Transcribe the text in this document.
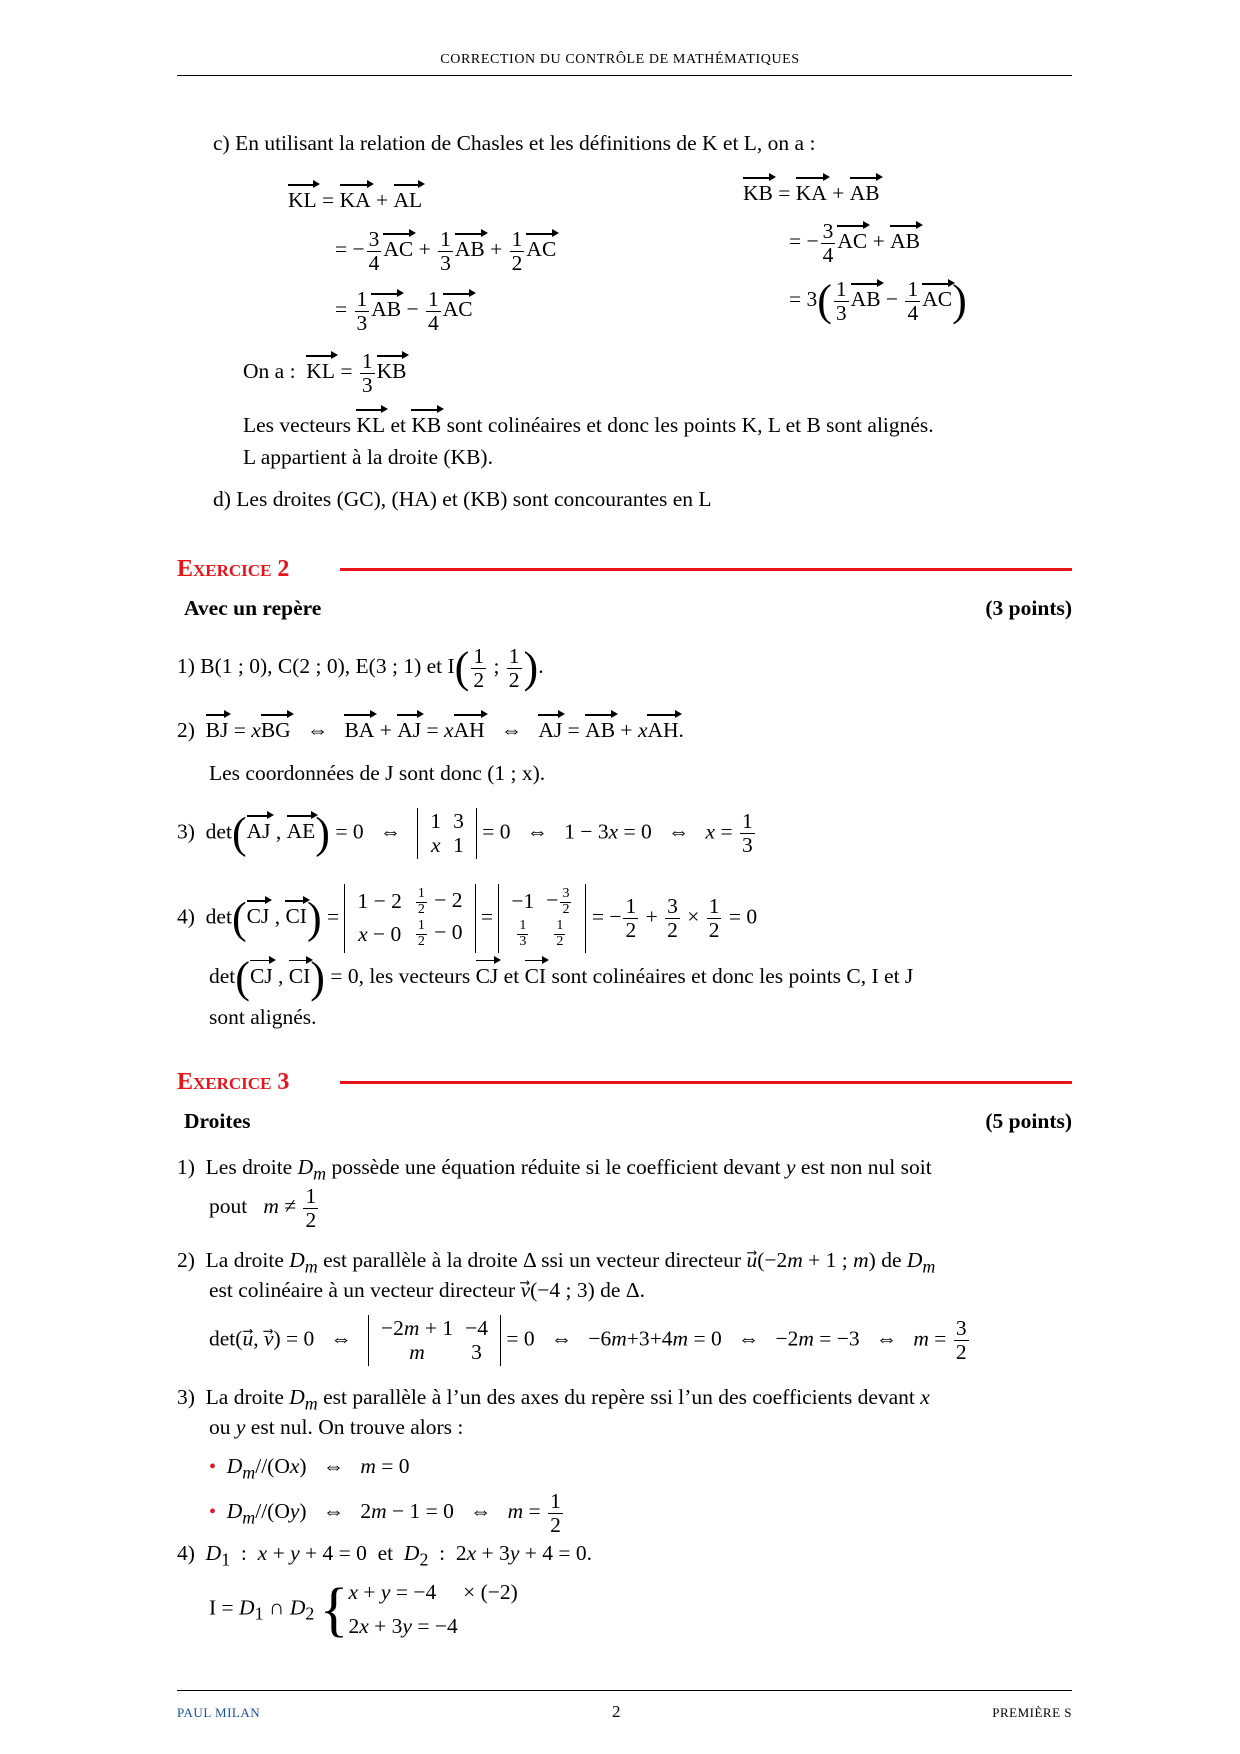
CORRECTION DU CONTRÔLE DE MATHÉMATIQUES
c) En utilisant la relation de Chasles et les définitions de K et L, on a :
KL = KA + AL
= − $\frac{3}{4}$ AC + $\frac{1}{3}$ AB + $\frac{1}{2}$ AC
= $\frac{1}{3}$ AB − $\frac{1}{4}$ AC
KB = KA + AB
= − $\frac{3}{4}$ AC + AB
= $3( \frac{1}{3}$ AB − $\frac{1}{4} AC$)
On a : KL = $\frac{1}{3}$ KB
Les vecteurs KL et KB sont colinéaires et donc les points K, L et B sont alignés.
L appartient à la droite (KB).
d) Les droites (GC), (HA) et (KB) sont concourantes en L
Exercice 2
Avec un repère	(3 points)
1) B(1 ; 0), C(2 ; 0), E(3 ; 1) et $I( \frac{1}{2}$ ; $\frac{1}{2}$ ).
2)  BJ = xBG   ⇔   BA + AJ = xAH   ⇔   AJ = AB + xAH.
Les coordonnées de J sont donc (1 ; x).
3)  det(AJ , AE) = 0   ⇔ 1	3
x	1
= 0   ⇔   1 − 3x = 0   ⇔   $x = \frac{1}{3}$
4)  det(CJ , CI) =
1 − 2	$\frac{1}{2} - 2$
x − 0	$\frac{1}{2} - 0$
=
−1	− $\frac{3}{2}$

$\frac{1}{3}$	$\frac{1}{2}$
= − $\frac{1}{2} + \frac{3}{2} \times \frac{1}{2} = 0$
det(CJ , CI) = 0, les vecteurs CJ et CI sont colinéaires et donc les points C, I et J
sont alignés.
Exercice 3
Droites	(5 points)
1)  Les droite $D_m$ possède une équation réduite si le coefficient devant y est non nul soit
pout $m \ne \frac{1}{2}$
2)  La droite $D_m$ est parallèle à la droite Δ ssi un vecteur directeur u⃗(−2m + 1 ; m) de $D_m$
est colinéaire à un vecteur directeur v⃗(−4 ; 3) de Δ.
det(u⃗, v⃗) = 0   ⇔ −2m + 1	−4
m	3
= 0   ⇔   −6m+3+4m = 0   ⇔   −2m = −3   ⇔   $m = \frac{3}{2}$
3)  La droite $D_m$ est parallèle à l’un des axes du repère ssi l’un des coefficients devant x
ou y est nul. On trouve alors :
• $D_m//(Ox)$   ⇔   m = 0
• $D_m//(Oy)$   ⇔   2m − 1 = 0   ⇔   $m = \frac{1}{2}$
4)  $D_1$  :  x + y + 4 = 0  et  $D_2$  :  2x + 3y + 4 = 0.
$I = D_1$ ∩ $D_2$ {x + y = −4     × (−2)
2x + 3y = −4
PAUL MILAN	2	PREMIÈRE S
